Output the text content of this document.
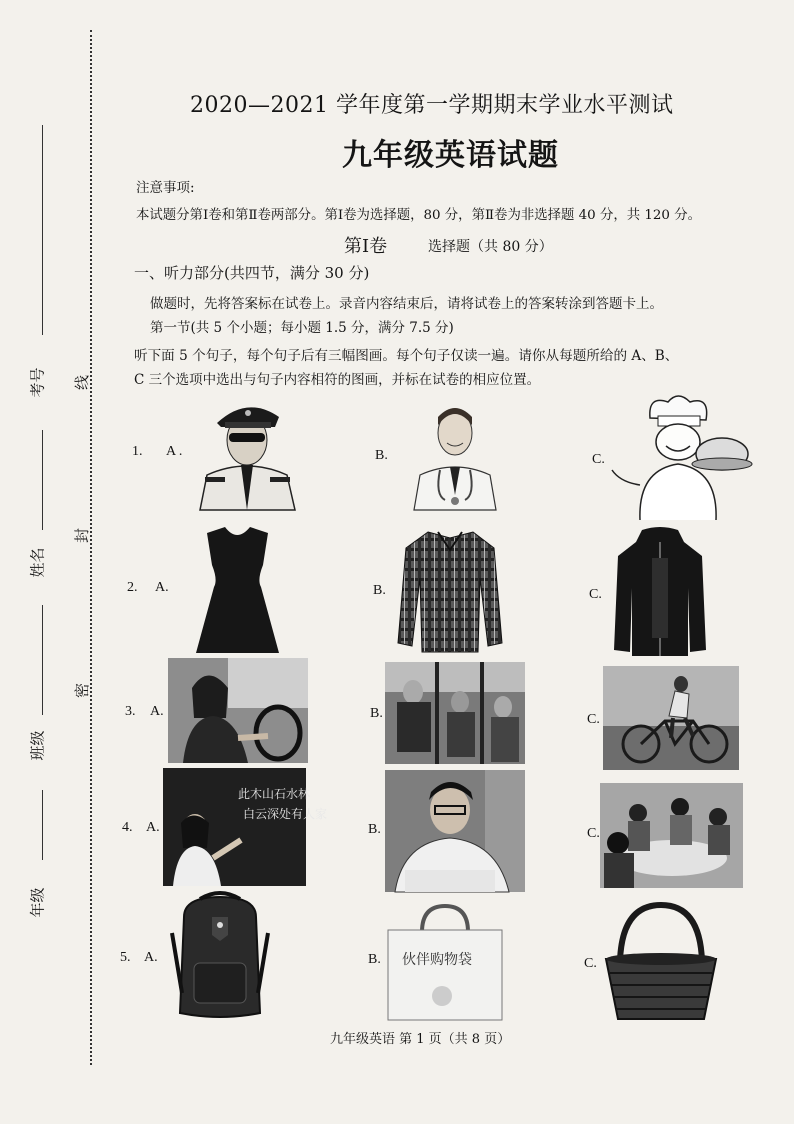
考号
姓名
班级
年级
线
封
密
2020—2021 学年度第一学期期末学业水平测试
九年级英语试题
注意事项:
本试题分第Ⅰ卷和第Ⅱ卷两部分。第Ⅰ卷为选择题，80 分，第Ⅱ卷为非选择题 40 分，共 120 分。
第Ⅰ卷	选择题（共 80 分）
一、听力部分(共四节，满分 30 分)
做题时，先将答案标在试卷上。录音内容结束后，请将试卷上的答案转涂到答题卡上。
第一节(共 5 个小题；每小题 1.5 分，满分 7.5 分)
听下面 5 个句子，每个句子后有三幅图画。每个句子仅读一遍。请你从每题所给的 A、B、
C 三个选项中选出与句子内容相符的图画，并标在试卷的相应位置。
1. A .	B.	C.
2. A.	B.	C.
3. A.	B.	C.
4. A.	B.	C.
5. A.	B.	C.
此木山石水林
白云深处有人家
伙伴购物袋
九年级英语 第 1 页（共 8 页）
